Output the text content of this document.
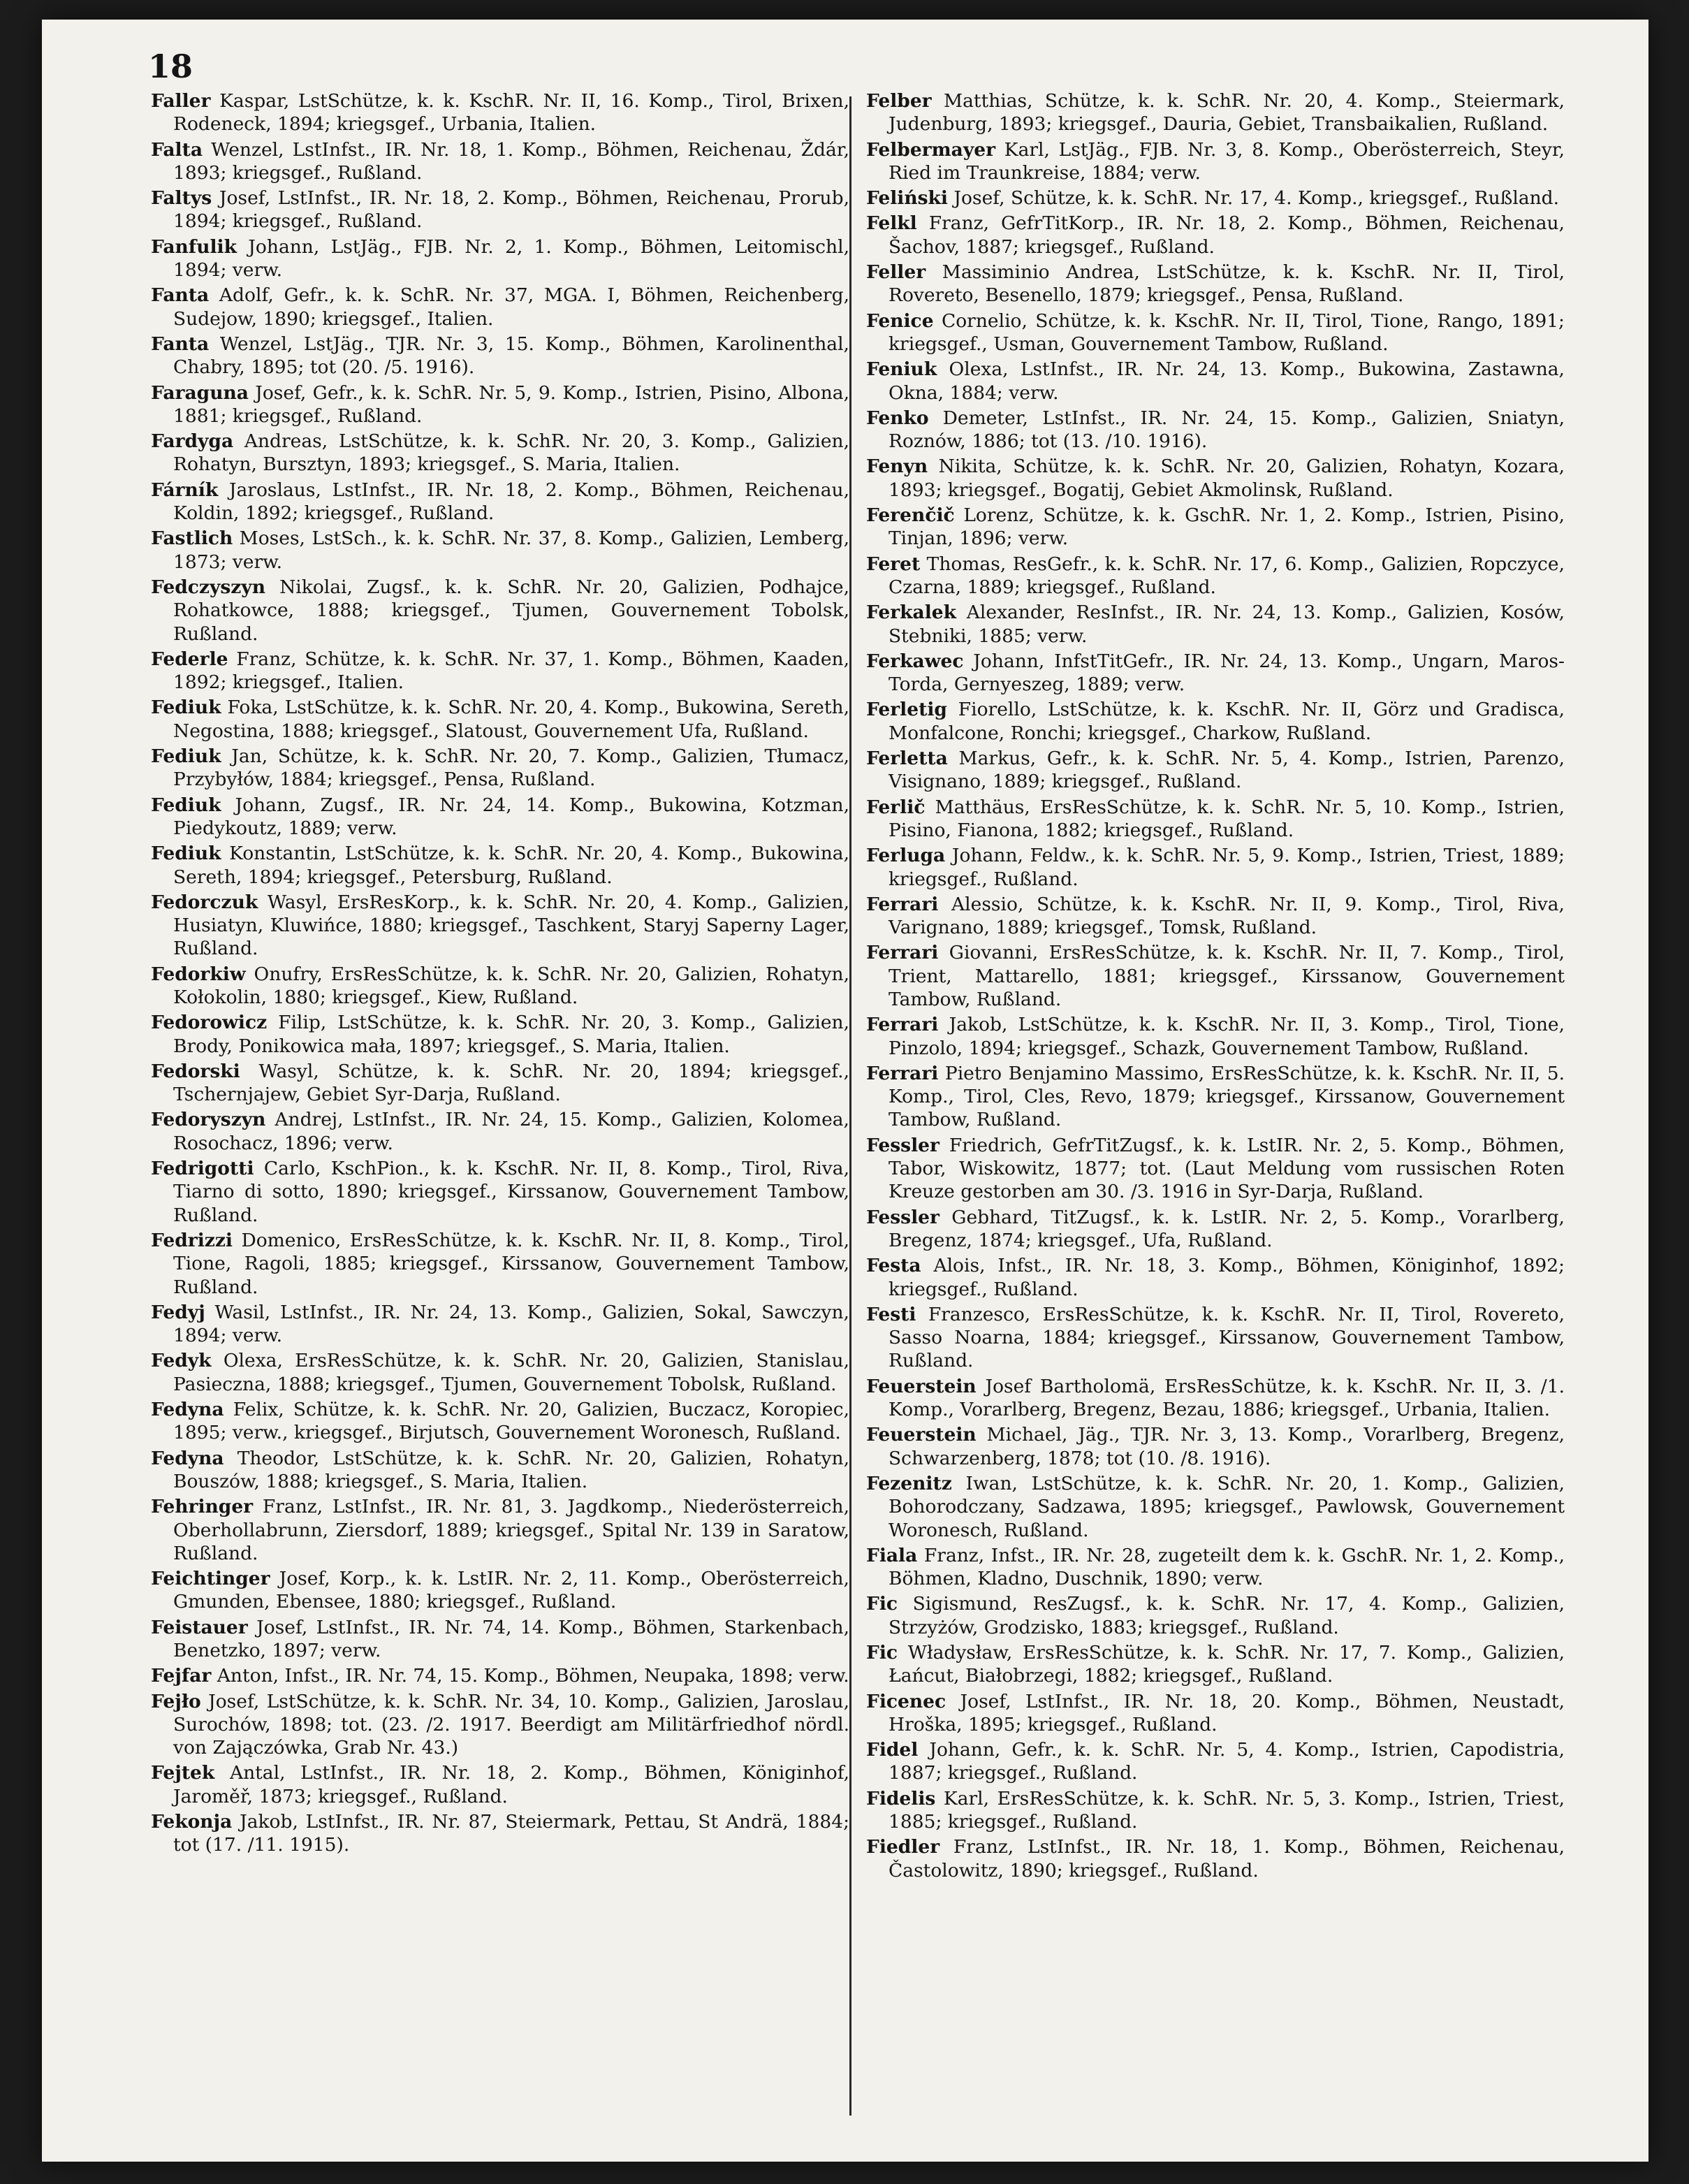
18
Faller Kaspar, LstSchütze, k. k. KschR. Nr. II, 16. Komp., Tirol, Brixen, Rodeneck, 1894; kriegsgef., Urbania, Italien.
Falta Wenzel, LstInfst., IR. Nr. 18, 1. Komp., Böhmen, Reichenau, Ždár, 1893; kriegsgef., Rußland.
Faltys Josef, LstInfst., IR. Nr. 18, 2. Komp., Böhmen, Reichenau, Prorub, 1894; kriegsgef., Rußland.
Fanfulik Johann, LstJäg., FJB. Nr. 2, 1. Komp., Böhmen, Leitomischl, 1894; verw.
Fanta Adolf, Gefr., k. k. SchR. Nr. 37, MGA. I, Böhmen, Reichenberg, Sudejow, 1890; kriegsgef., Italien.
Fanta Wenzel, LstJäg., TJR. Nr. 3, 15. Komp., Böhmen, Karolinenthal, Chabry, 1895; tot (20. /5. 1916).
Faraguna Josef, Gefr., k. k. SchR. Nr. 5, 9. Komp., Istrien, Pisino, Albona, 1881; kriegsgef., Rußland.
Fardyga Andreas, LstSchütze, k. k. SchR. Nr. 20, 3. Komp., Galizien, Rohatyn, Bursztyn, 1893; kriegsgef., S. Maria, Italien.
Fárník Jaroslaus, LstInfst., IR. Nr. 18, 2. Komp., Böhmen, Reichenau, Koldin, 1892; kriegsgef., Rußland.
Fastlich Moses, LstSch., k. k. SchR. Nr. 37, 8. Komp., Galizien, Lemberg, 1873; verw.
Fedczyszyn Nikolai, Zugsf., k. k. SchR. Nr. 20, Galizien, Podhajce, Rohatkowce, 1888; kriegsgef., Tjumen, Gouvernement Tobolsk, Rußland.
Federle Franz, Schütze, k. k. SchR. Nr. 37, 1. Komp., Böhmen, Kaaden, 1892; kriegsgef., Italien.
Fediuk Foka, LstSchütze, k. k. SchR. Nr. 20, 4. Komp., Bukowina, Sereth, Negostina, 1888; kriegsgef., Slatoust, Gouvernement Ufa, Rußland.
Fediuk Jan, Schütze, k. k. SchR. Nr. 20, 7. Komp., Galizien, Tłumacz, Przybyłów, 1884; kriegsgef., Pensa, Rußland.
Fediuk Johann, Zugsf., IR. Nr. 24, 14. Komp., Bukowina, Kotzman, Piedykoutz, 1889; verw.
Fediuk Konstantin, LstSchütze, k. k. SchR. Nr. 20, 4. Komp., Bukowina, Sereth, 1894; kriegsgef., Petersburg, Rußland.
Fedorczuk Wasyl, ErsResKorp., k. k. SchR. Nr. 20, 4. Komp., Galizien, Husiatyn, Kluwińce, 1880; kriegsgef., Taschkent, Staryj Saperny Lager, Rußland.
Fedorkiw Onufry, ErsResSchütze, k. k. SchR. Nr. 20, Galizien, Rohatyn, Kołokolin, 1880; kriegsgef., Kiew, Rußland.
Fedorowicz Filip, LstSchütze, k. k. SchR. Nr. 20, 3. Komp., Galizien, Brody, Ponikowica mała, 1897; kriegsgef., S. Maria, Italien.
Fedorski Wasyl, Schütze, k. k. SchR. Nr. 20, 1894; kriegsgef., Tschernjajew, Gebiet Syr-Darja, Rußland.
Fedoryszyn Andrej, LstInfst., IR. Nr. 24, 15. Komp., Galizien, Kolomea, Rosochacz, 1896; verw.
Fedrigotti Carlo, KschPion., k. k. KschR. Nr. II, 8. Komp., Tirol, Riva, Tiarno di sotto, 1890; kriegsgef., Kirssanow, Gouvernement Tambow, Rußland.
Fedrizzi Domenico, ErsResSchütze, k. k. KschR. Nr. II, 8. Komp., Tirol, Tione, Ragoli, 1885; kriegsgef., Kirssanow, Gouvernement Tambow, Rußland.
Fedyj Wasil, LstInfst., IR. Nr. 24, 13. Komp., Galizien, Sokal, Sawczyn, 1894; verw.
Fedyk Olexa, ErsResSchütze, k. k. SchR. Nr. 20, Galizien, Stanislau, Pasieczna, 1888; kriegsgef., Tjumen, Gouvernement Tobolsk, Rußland.
Fedyna Felix, Schütze, k. k. SchR. Nr. 20, Galizien, Buczacz, Koropiec, 1895; verw., kriegsgef., Birjutsch, Gouvernement Woronesch, Rußland.
Fedyna Theodor, LstSchütze, k. k. SchR. Nr. 20, Galizien, Rohatyn, Bouszów, 1888; kriegsgef., S. Maria, Italien.
Fehringer Franz, LstInfst., IR. Nr. 81, 3. Jagdkomp., Niederösterreich, Oberhollabrunn, Ziersdorf, 1889; kriegsgef., Spital Nr. 139 in Saratow, Rußland.
Feichtinger Josef, Korp., k. k. LstIR. Nr. 2, 11. Komp., Oberösterreich, Gmunden, Ebensee, 1880; kriegsgef., Rußland.
Feistauer Josef, LstInfst., IR. Nr. 74, 14. Komp., Böhmen, Starkenbach, Benetzko, 1897; verw.
Fejfar Anton, Infst., IR. Nr. 74, 15. Komp., Böhmen, Neupaka, 1898; verw.
Fejło Josef, LstSchütze, k. k. SchR. Nr. 34, 10. Komp., Galizien, Jaroslau, Surochów, 1898; tot. (23. /2. 1917. Beerdigt am Militärfriedhof nördl. von Zajączówka, Grab Nr. 43.)
Fejtek Antal, LstInfst., IR. Nr. 18, 2. Komp., Böhmen, Königinhof, Jaroměř, 1873; kriegsgef., Rußland.
Fekonja Jakob, LstInfst., IR. Nr. 87, Steiermark, Pettau, St Andrä, 1884; tot (17. /11. 1915).
Felber Matthias, Schütze, k. k. SchR. Nr. 20, 4. Komp., Steiermark, Judenburg, 1893; kriegsgef., Dauria, Gebiet, Transbaikalien, Rußland.
Felbermayer Karl, LstJäg., FJB. Nr. 3, 8. Komp., Oberösterreich, Steyr, Ried im Traunkreise, 1884; verw.
Feliński Josef, Schütze, k. k. SchR. Nr. 17, 4. Komp., kriegsgef., Rußland.
Felkl Franz, GefrTitKorp., IR. Nr. 18, 2. Komp., Böhmen, Reichenau, Šachov, 1887; kriegsgef., Rußland.
Feller Massiminio Andrea, LstSchütze, k. k. KschR. Nr. II, Tirol, Rovereto, Besenello, 1879; kriegsgef., Pensa, Rußland.
Fenice Cornelio, Schütze, k. k. KschR. Nr. II, Tirol, Tione, Rango, 1891; kriegsgef., Usman, Gouvernement Tambow, Rußland.
Feniuk Olexa, LstInfst., IR. Nr. 24, 13. Komp., Bukowina, Zastawna, Okna, 1884; verw.
Fenko Demeter, LstInfst., IR. Nr. 24, 15. Komp., Galizien, Sniatyn, Roznów, 1886; tot (13. /10. 1916).
Fenyn Nikita, Schütze, k. k. SchR. Nr. 20, Galizien, Rohatyn, Kozara, 1893; kriegsgef., Bogatij, Gebiet Akmolinsk, Rußland.
Ferenčič Lorenz, Schütze, k. k. GschR. Nr. 1, 2. Komp., Istrien, Pisino, Tinjan, 1896; verw.
Feret Thomas, ResGefr., k. k. SchR. Nr. 17, 6. Komp., Galizien, Ropczyce, Czarna, 1889; kriegsgef., Rußland.
Ferkalek Alexander, ResInfst., IR. Nr. 24, 13. Komp., Galizien, Kosów, Stebniki, 1885; verw.
Ferkawec Johann, InfstTitGefr., IR. Nr. 24, 13. Komp., Ungarn, Maros-Torda, Gernyeszeg, 1889; verw.
Ferletig Fiorello, LstSchütze, k. k. KschR. Nr. II, Görz und Gradisca, Monfalcone, Ronchi; kriegsgef., Charkow, Rußland.
Ferletta Markus, Gefr., k. k. SchR. Nr. 5, 4. Komp., Istrien, Parenzo, Visignano, 1889; kriegsgef., Rußland.
Ferlič Matthäus, ErsResSchütze, k. k. SchR. Nr. 5, 10. Komp., Istrien, Pisino, Fianona, 1882; kriegsgef., Rußland.
Ferluga Johann, Feldw., k. k. SchR. Nr. 5, 9. Komp., Istrien, Triest, 1889; kriegsgef., Rußland.
Ferrari Alessio, Schütze, k. k. KschR. Nr. II, 9. Komp., Tirol, Riva, Varignano, 1889; kriegsgef., Tomsk, Rußland.
Ferrari Giovanni, ErsResSchütze, k. k. KschR. Nr. II, 7. Komp., Tirol, Trient, Mattarello, 1881; kriegsgef., Kirssanow, Gouvernement Tambow, Rußland.
Ferrari Jakob, LstSchütze, k. k. KschR. Nr. II, 3. Komp., Tirol, Tione, Pinzolo, 1894; kriegsgef., Schazk, Gouvernement Tambow, Rußland.
Ferrari Pietro Benjamino Massimo, ErsResSchütze, k. k. KschR. Nr. II, 5. Komp., Tirol, Cles, Revo, 1879; kriegsgef., Kirssanow, Gouvernement Tambow, Rußland.
Fessler Friedrich, GefrTitZugsf., k. k. LstIR. Nr. 2, 5. Komp., Böhmen, Tabor, Wiskowitz, 1877; tot. (Laut Meldung vom russischen Roten Kreuze gestorben am 30. /3. 1916 in Syr-Darja, Rußland.
Fessler Gebhard, TitZugsf., k. k. LstIR. Nr. 2, 5. Komp., Vorarlberg, Bregenz, 1874; kriegsgef., Ufa, Rußland.
Festa Alois, Infst., IR. Nr. 18, 3. Komp., Böhmen, Königinhof, 1892; kriegsgef., Rußland.
Festi Franzesco, ErsResSchütze, k. k. KschR. Nr. II, Tirol, Rovereto, Sasso Noarna, 1884; kriegsgef., Kirssanow, Gouvernement Tambow, Rußland.
Feuerstein Josef Bartholomä, ErsResSchütze, k. k. KschR. Nr. II, 3. /1. Komp., Vorarlberg, Bregenz, Bezau, 1886; kriegsgef., Urbania, Italien.
Feuerstein Michael, Jäg., TJR. Nr. 3, 13. Komp., Vorarlberg, Bregenz, Schwarzenberg, 1878; tot (10. /8. 1916).
Fezenitz Iwan, LstSchütze, k. k. SchR. Nr. 20, 1. Komp., Galizien, Bohorodczany, Sadzawa, 1895; kriegsgef., Pawlowsk, Gouvernement Woronesch, Rußland.
Fiala Franz, Infst., IR. Nr. 28, zugeteilt dem k. k. GschR. Nr. 1, 2. Komp., Böhmen, Kladno, Duschnik, 1890; verw.
Fic Sigismund, ResZugsf., k. k. SchR. Nr. 17, 4. Komp., Galizien, Strzyżów, Grodzisko, 1883; kriegsgef., Rußland.
Fic Władysław, ErsResSchütze, k. k. SchR. Nr. 17, 7. Komp., Galizien, Łańcut, Białobrzegi, 1882; kriegsgef., Rußland.
Ficenec Josef, LstInfst., IR. Nr. 18, 20. Komp., Böhmen, Neustadt, Hroška, 1895; kriegsgef., Rußland.
Fidel Johann, Gefr., k. k. SchR. Nr. 5, 4. Komp., Istrien, Capodistria, 1887; kriegsgef., Rußland.
Fidelis Karl, ErsResSchütze, k. k. SchR. Nr. 5, 3. Komp., Istrien, Triest, 1885; kriegsgef., Rußland.
Fiedler Franz, LstInfst., IR. Nr. 18, 1. Komp., Böhmen, Reichenau, Častolowitz, 1890; kriegsgef., Rußland.
